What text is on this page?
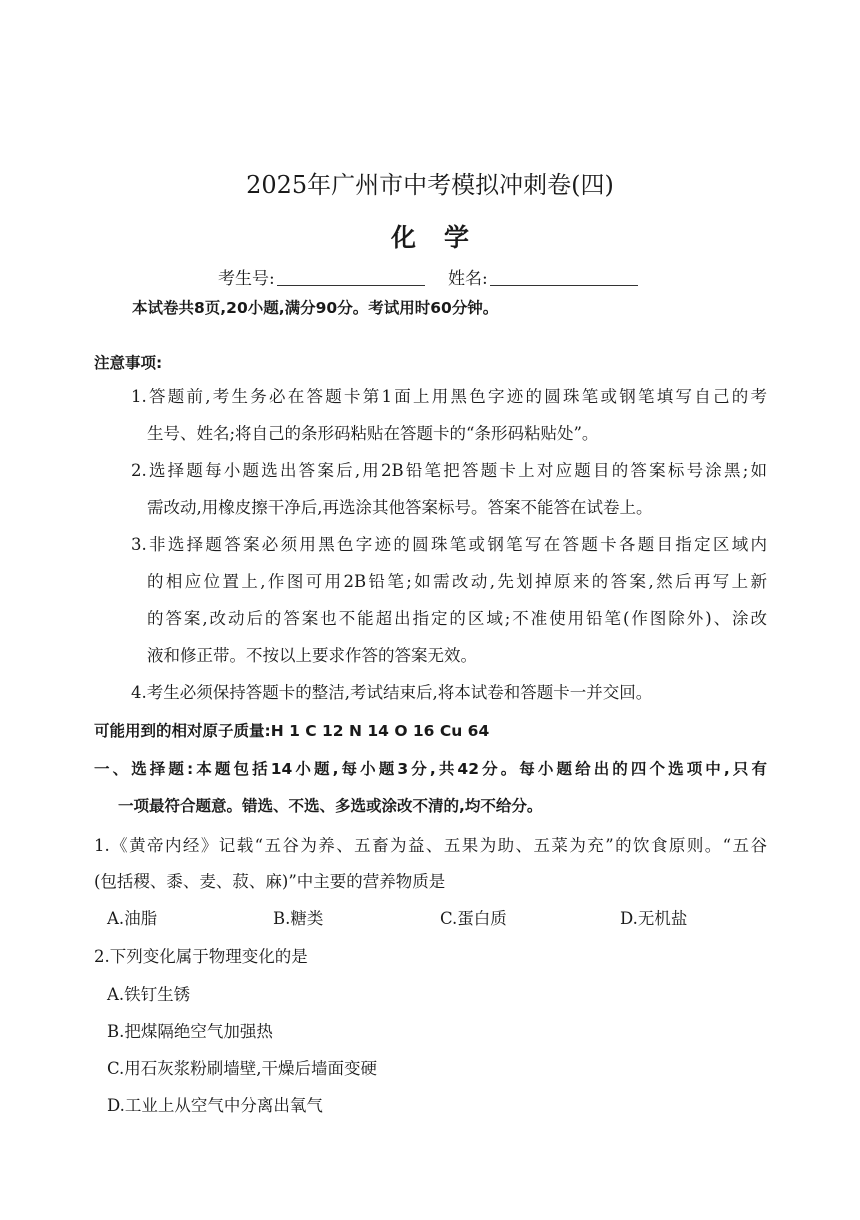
2025年广州市中考模拟冲刺卷(四)
化学
考生号:	姓名:
本试卷共8页,20小题,满分90分。考试用时60分钟。
注意事项:
1.答题前,考生务必在答题卡第1面上用黑色字迹的圆珠笔或钢笔填写自己的考
生号、姓名;将自己的条形码粘贴在答题卡的“条形码粘贴处”。
2.选择题每小题选出答案后,用2B铅笔把答题卡上对应题目的答案标号涂黑;如
需改动,用橡皮擦干净后,再选涂其他答案标号。答案不能答在试卷上。
3.非选择题答案必须用黑色字迹的圆珠笔或钢笔写在答题卡各题目指定区域内
的相应位置上,作图可用2B铅笔;如需改动,先划掉原来的答案,然后再写上新
的答案,改动后的答案也不能超出指定的区域;不准使用铅笔(作图除外)、涂改
液和修正带。不按以上要求作答的答案无效。
4.考生必须保持答题卡的整洁,考试结束后,将本试卷和答题卡一并交回。
可能用到的相对原子质量:H 1 C 12 N 14 O 16 Cu 64
一、选择题:本题包括14小题,每小题3分,共42分。每小题给出的四个选项中,只有
一项最符合题意。错选、不选、多选或涂改不清的,均不给分。
1.《黄帝内经》记载“五谷为养、五畜为益、五果为助、五菜为充”的饮食原则。“五谷
(包括稷、黍、麦、菽、麻)”中主要的营养物质是
A.油脂	B.糖类	C.蛋白质	D.无机盐
2.下列变化属于物理变化的是
A.铁钉生锈
B.把煤隔绝空气加强热
C.用石灰浆粉刷墙壁,干燥后墙面变硬
D.工业上从空气中分离出氧气
